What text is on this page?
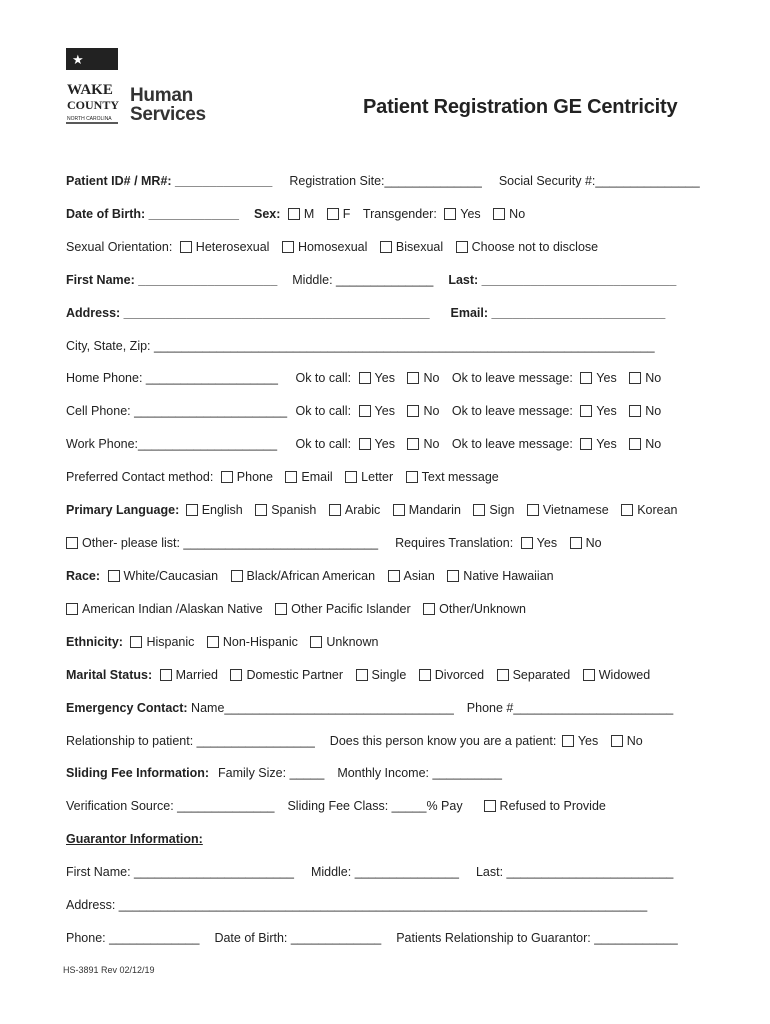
★
WAKE
COUNTY
NORTH CAROLINA
Human
Services	Patient Registration GE Centricity
Patient ID# / MR#: ______________ Registration Site:______________ Social Security #:_______________
Date of Birth: _____________ Sex: M F Transgender: Yes No
Sexual Orientation: Heterosexual Homosexual Bisexual Choose not to disclose
First Name: ____________________ Middle: ______________ Last: ____________________________
Address: ____________________________________________ Email: _________________________
City, State, Zip: ________________________________________________________________________
Home Phone: ___________________ Ok to call: Yes No Ok to leave message: Yes No
Cell Phone: ______________________ Ok to call: Yes No Ok to leave message: Yes No
Work Phone:____________________ Ok to call: Yes No Ok to leave message: Yes No
Preferred Contact method: Phone Email Letter Text message
Primary Language: English Spanish Arabic Mandarin Sign Vietnamese Korean
Other- please list: ____________________________ Requires Translation: Yes No
Race: White/Caucasian Black/African American Asian Native Hawaiian
American Indian /Alaskan Native Other Pacific Islander Other/Unknown
Ethnicity: Hispanic Non-Hispanic Unknown
Marital Status: Married Domestic Partner Single Divorced Separated Widowed
Emergency Contact: Name_________________________________ Phone #_______________________
Relationship to patient: _________________ Does this person know you are a patient: Yes No
Sliding Fee Information: Family Size: _____ Monthly Income: __________
Verification Source: ______________ Sliding Fee Class: _____% Pay	Refused to Provide
Guarantor Information:
First Name: _______________________ Middle: _______________ Last: ________________________
Address: ____________________________________________________________________________
Phone: _____________ Date of Birth: _____________ Patients Relationship to Guarantor: ____________
HS-3891 Rev 02/12/19
